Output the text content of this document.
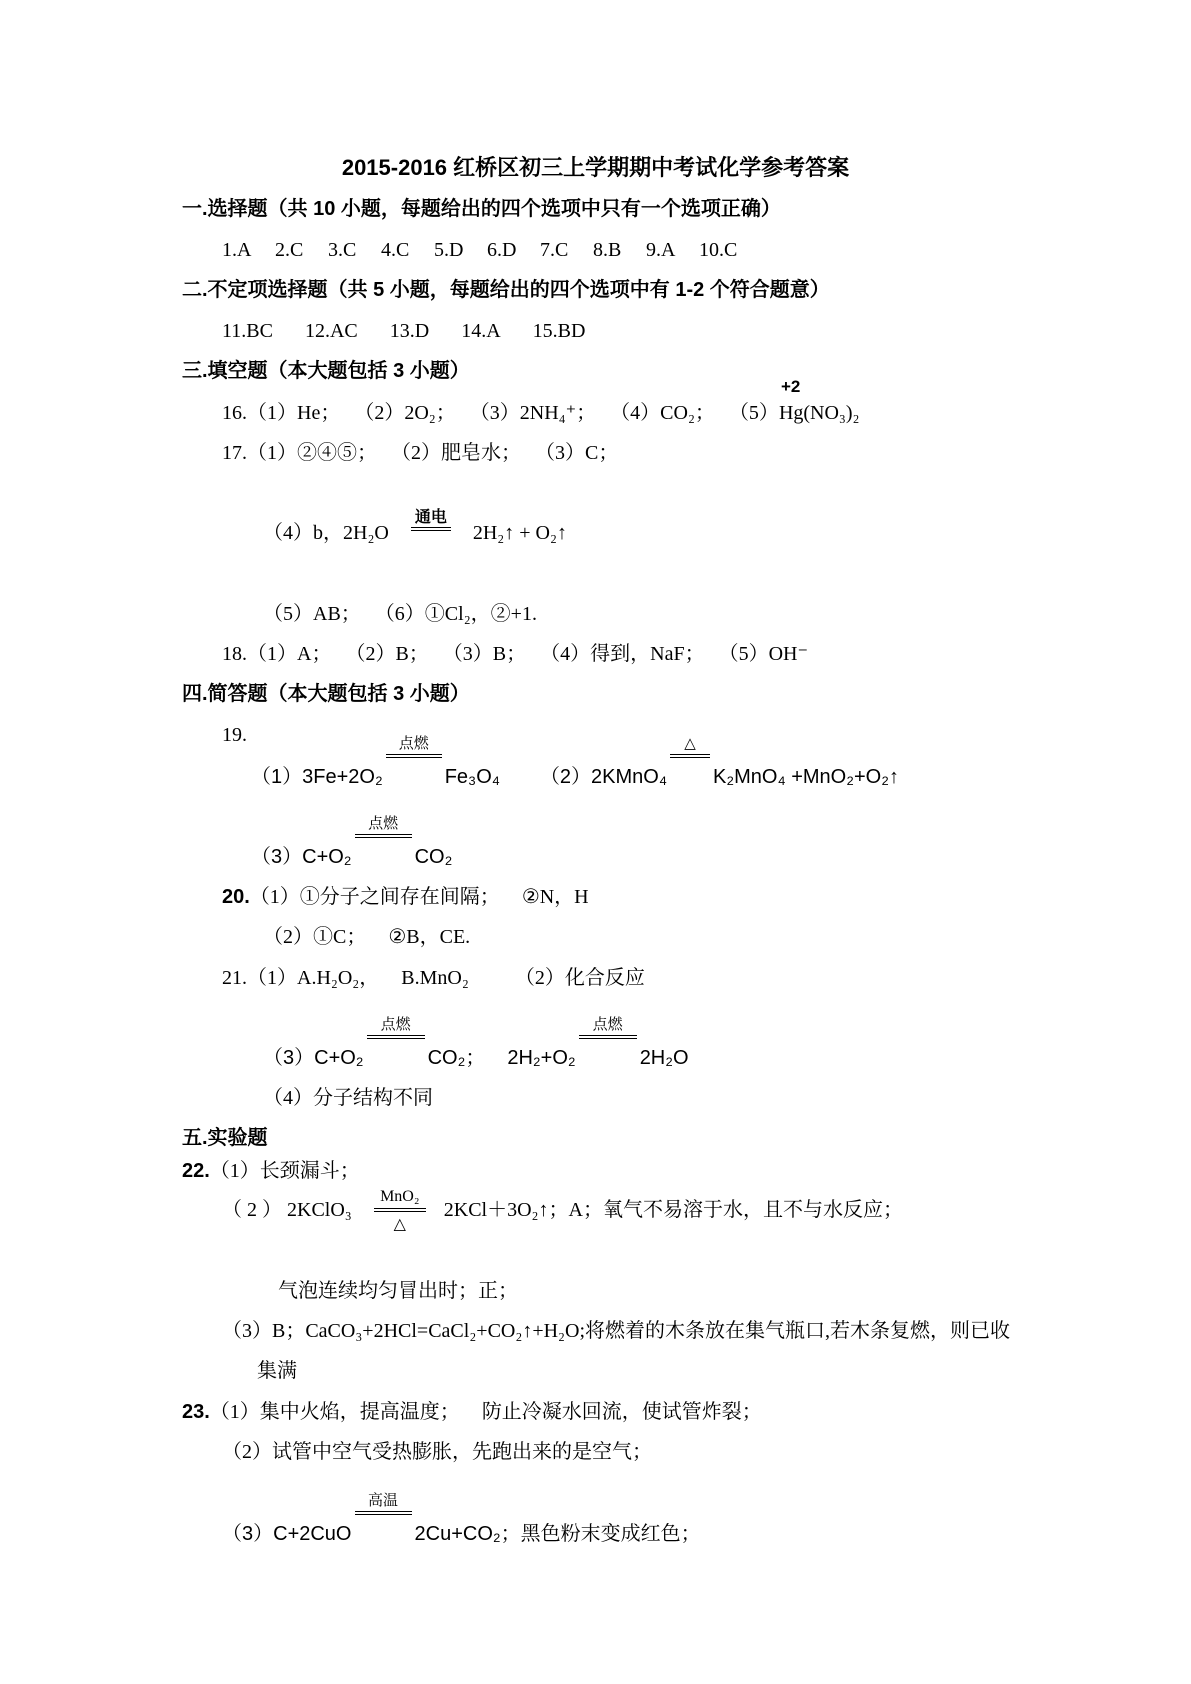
2015-2016 红桥区初三上学期期中考试化学参考答案
一.选择题（共 10 小题，每题给出的四个选项中只有一个选项正确）
1.A 2.C 3.C 4.C 5.D 6.D 7.C 8.B 9.A 10.C
二.不定项选择题（共 5 小题，每题给出的四个选项中有 1-2 个符合题意）
11.BC 12.AC 13.D 14.A 15.BD
三.填空题（本大题包括 3 小题）
16.（1）He； （2）2O₂； （3）2NH₄⁺； （4）CO₂； （5）
+2
Hg(NO₃)₂
17.（1）②④⑤； （2）肥皂水； （3）C；
（4）b，2H₂O
通电
2H₂↑ + O₂↑
（5）AB； （6）①Cl₂，②+1.
18.（1）A； （2）B； （3）B； （4）得到，NaF； （5）OH⁻
四.简答题（本大题包括 3 小题）
19.
（1）3Fe+2O₂
点燃
Fe₃O₄ （2）2KMnO₄
△
K₂MnO₄ +MnO₂+O₂↑
（3）C+O₂
点燃
CO₂
20.（1）①分子之间存在间隔； ②N，H
（2）①C； ②B，CE.
21.（1）A.H₂O₂， B.MnO₂ （2）化合反应
（3）C+O₂
点燃
CO₂； 2H₂+O₂
点燃
2H₂O
（4）分子结构不同
五.实验题
22.（1）长颈漏斗；
（ 2 ） 2KClO₃
MnO₂
△
2KCl＋3O₂↑；A；氧气不易溶于水，且不与水反应；
气泡连续均匀冒出时；正；
（3）B；CaCO₃+2HCl=CaCl₂+CO₂↑+H₂O;将燃着的木条放在集气瓶口,若木条复燃，则已收
集满
23.（1）集中火焰，提高温度； 防止冷凝水回流，使试管炸裂；
（2）试管中空气受热膨胀，先跑出来的是空气；
（3）C+2CuO
高温
2Cu+CO₂；黑色粉末变成红色；
